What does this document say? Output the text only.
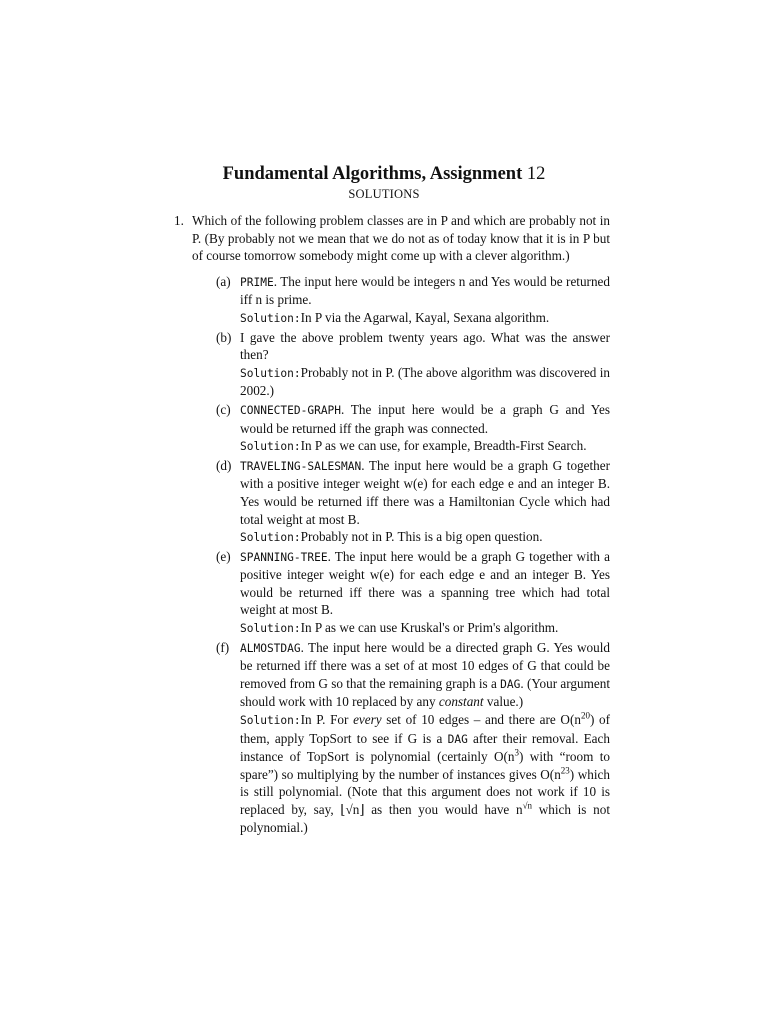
Fundamental Algorithms, Assignment 12

SOLUTIONS

1. Which of the following problem classes are in P and which are probably not in P. (By probably not we mean that we do not as of today know that it is in P but of course tomorrow somebody might come up with a clever algorithm.)
(a) PRIME. The input here would be integers n and Yes would be returned iff n is prime.
Solution:In P via the Agarwal, Kayal, Sexana algorithm.
(b) I gave the above problem twenty years ago. What was the answer then?
Solution:Probably not in P. (The above algorithm was discovered in 2002.)
(c) CONNECTED-GRAPH. The input here would be a graph G and Yes would be returned iff the graph was connected.
Solution:In P as we can use, for example, Breadth-First Search.
(d) TRAVELING-SALESMAN. The input here would be a graph G together with a positive integer weight w(e) for each edge e and an integer B. Yes would be returned iff there was a Hamiltonian Cycle which had total weight at most B.
Solution:Probably not in P. This is a big open question.
(e) SPANNING-TREE. The input here would be a graph G together with a positive integer weight w(e) for each edge e and an integer B. Yes would be returned iff there was a spanning tree which had total weight at most B.
Solution:In P as we can use Kruskal's or Prim's algorithm.
(f) ALMOSTDAG. The input here would be a directed graph G. Yes would be returned iff there was a set of at most 10 edges of G that could be removed from G so that the remaining graph is a DAG. (Your argument should work with 10 replaced by any constant value.)
Solution:In P. For every set of 10 edges – and there are $O(n^{20})$ of them, apply TopSort to see if G is a DAG after their removal. Each instance of TopSort is polynomial (certainly $O(n^3)$ with “room to spare”) so multiplying by the number of instances gives $O(n^{23})$ which is still polynomial. (Note that this argument does not work if 10 is replaced by, say, ⌊√n⌋ as then you would have $n^{√n}$ which is not polynomial.)
